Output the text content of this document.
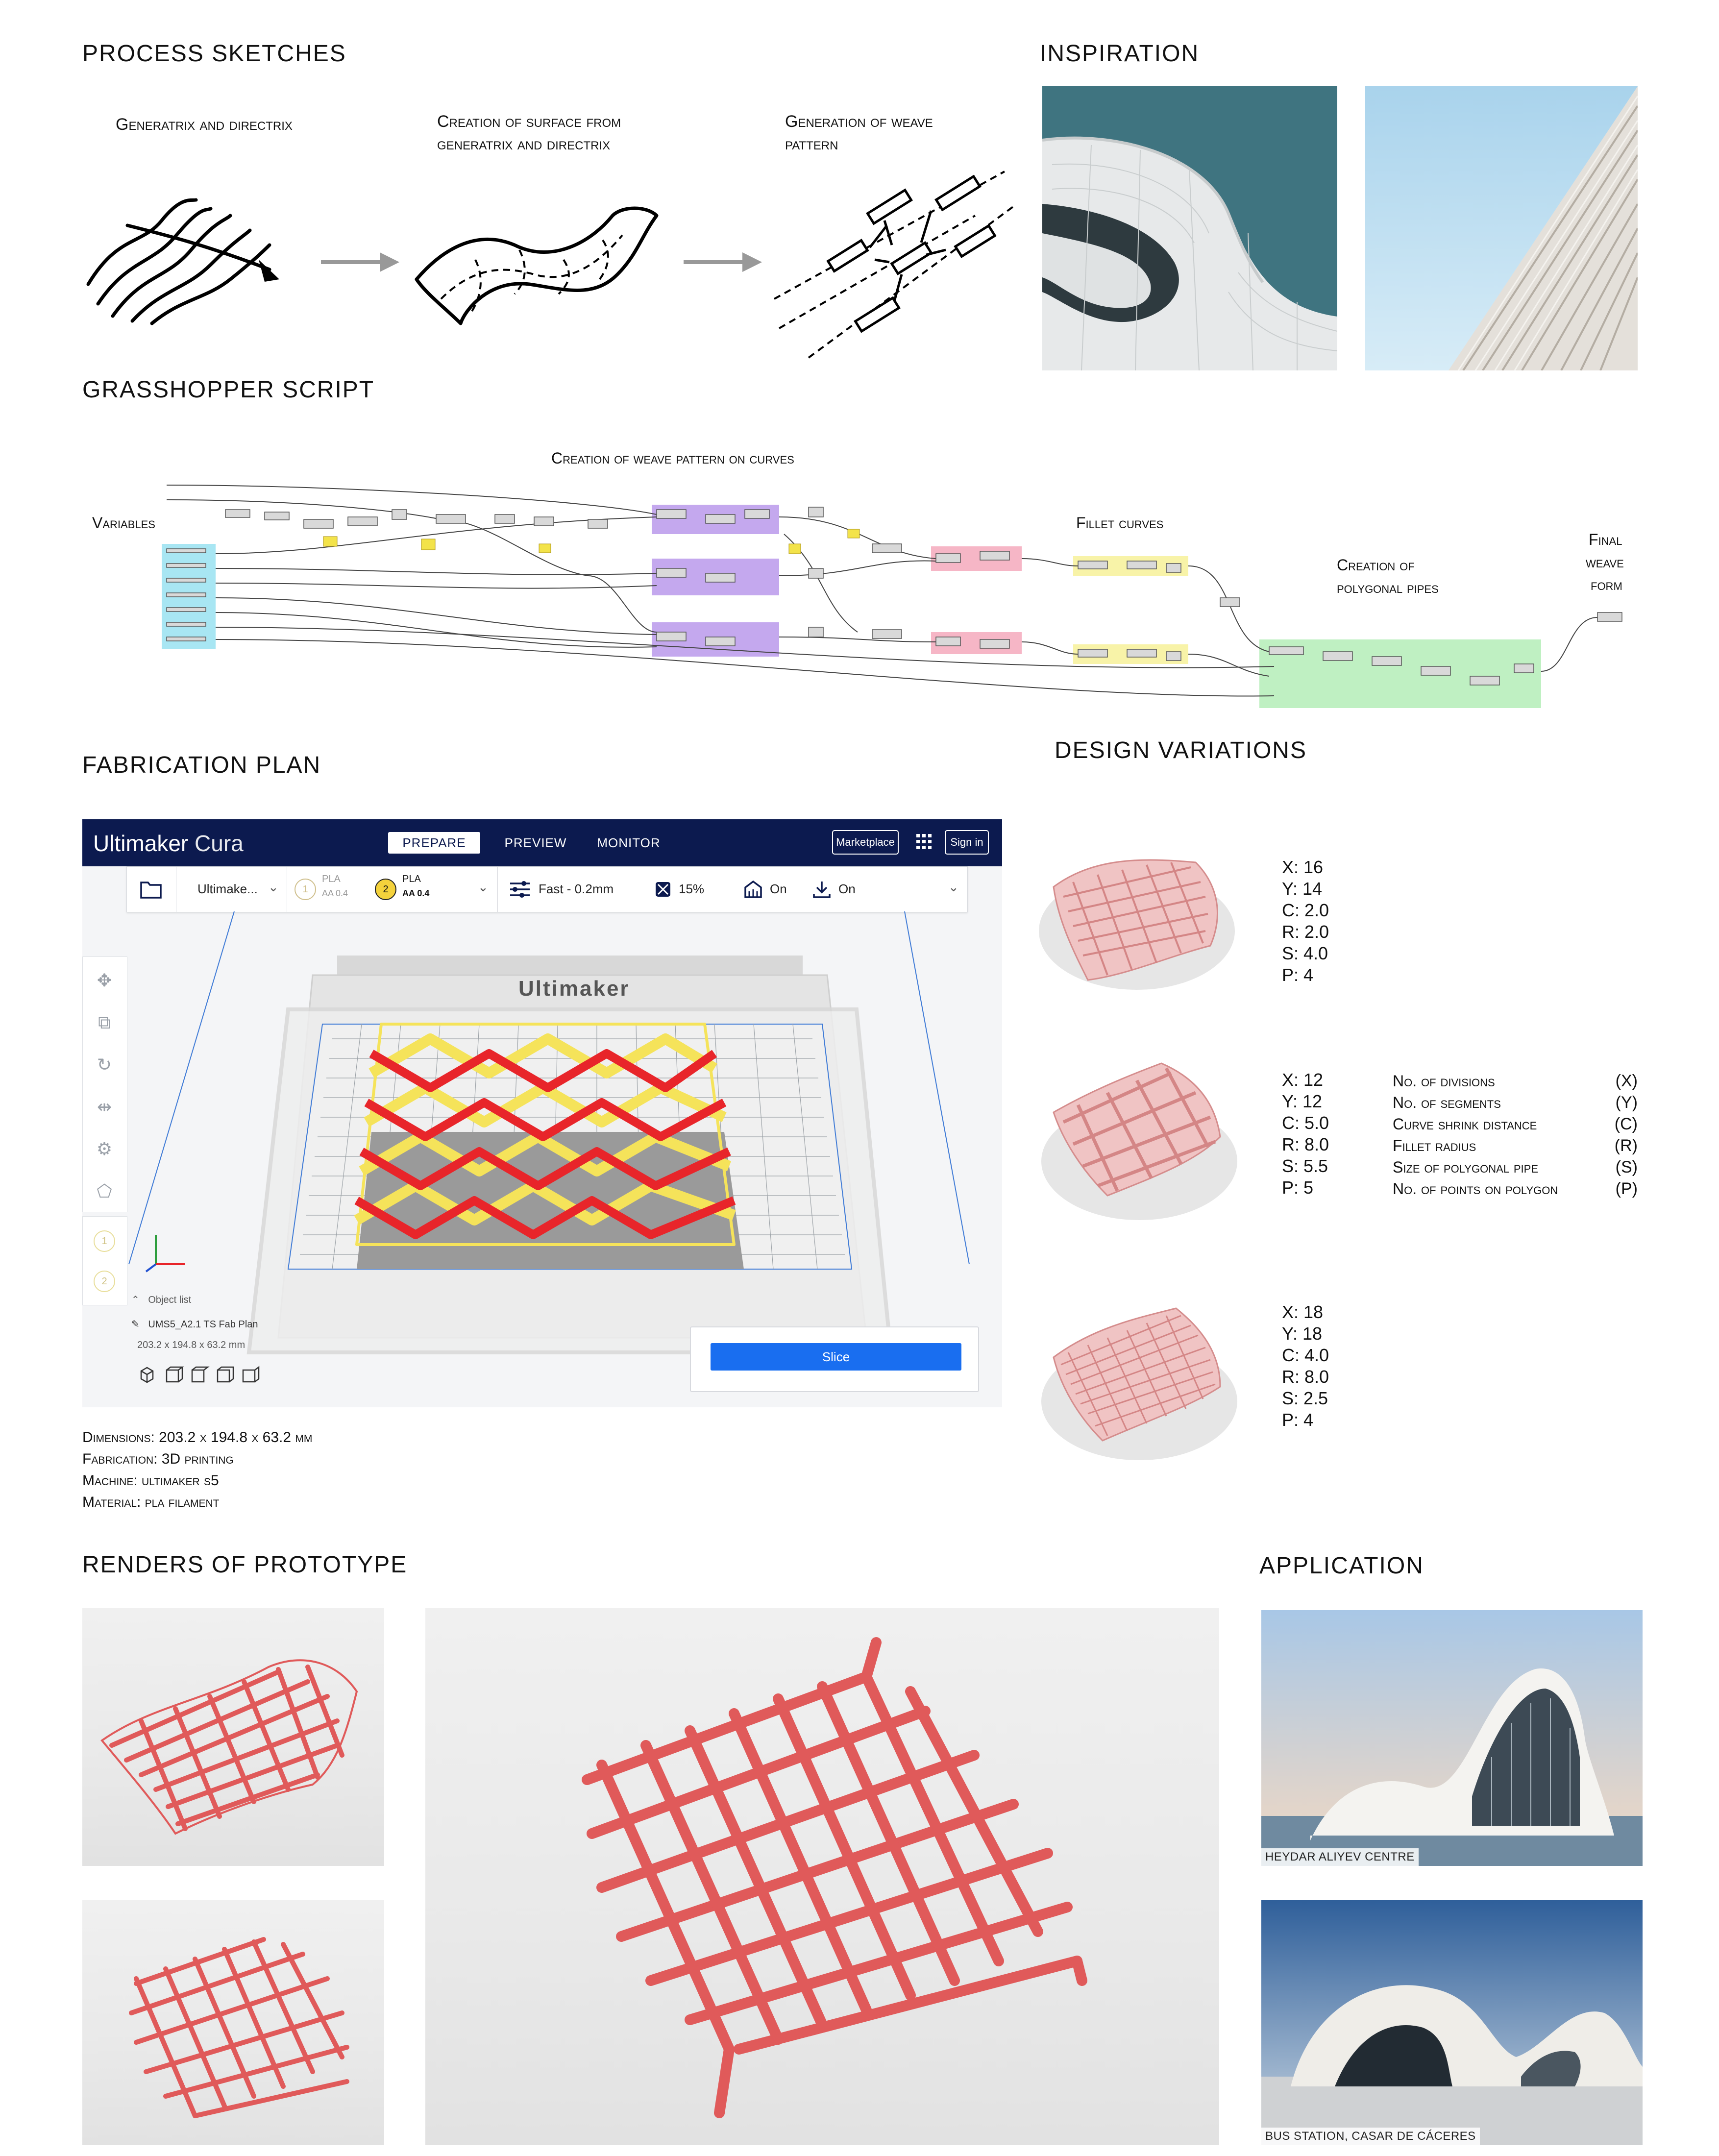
PROCESS SKETCHES	INSPIRATION
GRASSHOPPER SCRIPT
FABRICATION PLAN
DESIGN VARIATIONS
RENDERS OF PROTOTYPE	APPLICATION
Generatrix and directrix	Creation of surface from
generatrix and directrix
Generation of weave
pattern
Creation of weave pattern on curves
Variables	Fillet curves
Creation of
polygonal pipes
Final
weave
form
Ultimaker Cura	PREPARE	PREVIEW	MONITOR	Marketplace	Sign in
Ultimake... ⌄	1
PLA
AA 0.4	2
PLA
AA 0.4	⌄	Fast - 0.2mm	15%	On	On	⌄
✥
⧉
↻
⇹
⚙
⬠
1
2
Ultimaker
⌃ Object list
✎ UMS5_A2.1 TS Fab Plan
203.2 x 194.8 x 63.2 mm
Slice
Dimensions: 203.2 x 194.8 x 63.2 mm
Fabrication: 3D printing
Machine: ultimaker s5
Material: pla filament
X: 16
Y: 14
C: 2.0
R: 2.0
S: 4.0
P: 4
X: 12
Y: 12
C: 5.0
R: 8.0
S: 5.5
P: 5
X: 18
Y: 18
C: 4.0
R: 8.0
S: 2.5
P: 4
No. of divisions	(X)
No. of segments	(Y)
Curve shrink distance	(C)
Fillet radius	(R)
Size of polygonal pipe	(S)
No. of points on polygon	(P)
HEYDAR ALIYEV CENTRE
BUS STATION, CASAR DE CÁCERES
